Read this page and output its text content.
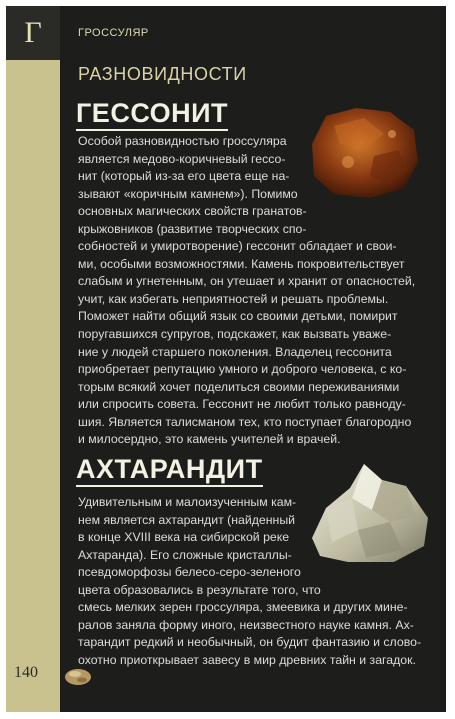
Г
140
ГРОССУЛЯР
РАЗНОВИДНОСТИ
ГЕССОНИТ

Особой разновидностью гроссуляра
является медово-коричневый гессо-
нит (который из-за его цвета еще на-
зывают «коричным камнем»). Помимо
основных магических свойств гранатов-
крыжовников (развитие творческих спо-
собностей и умиротворение) гессонит обладает и свои-
ми, особыми возможностями. Камень покровительствует
слабым и угнетенным, он утешает и хранит от опасностей,
учит, как избегать неприятностей и решать проблемы.
Поможет найти общий язык со своими детьми, помирит
поругавшихся супругов, подскажет, как вызвать уваже-
ние у людей старшего поколения. Владелец гессонита
приобретает репутацию умного и доброго человека, с ко-
торым всякий хочет поделиться своими переживаниями
или спросить совета. Гессонит не любит только равноду-
шия. Является талисманом тех, кто поступает благородно
и милосердно, это камень учителей и врачей.

АХТАРАНДИТ

Удивительным и малоизученным кам-
нем является ахтарандит (найденный
в конце XVIII века на сибирской реке
Ахтаранда). Его сложные кристаллы-
псевдоморфозы белесо-серо-зеленого
цвета образовались в результате того, что
смесь мелких зерен гроссуляра, змеевика и других мине-
ралов заняла форму иного, неизвестного науке камня. Ах-
тарандит редкий и необычный, он будит фантазию и слово-
охотно приоткрывает завесу в мир древних тайн и загадок.
